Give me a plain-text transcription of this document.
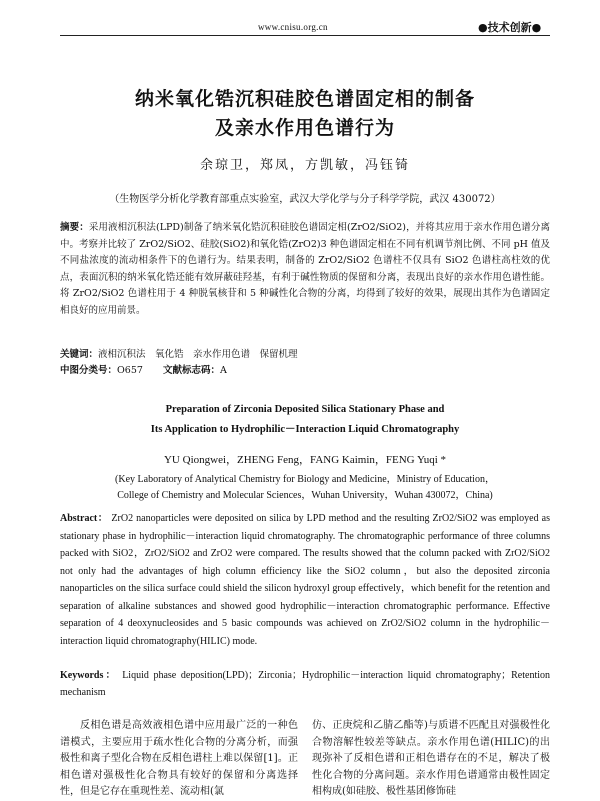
www.cnisu.org.cn	●技术创新●
纳米氧化锆沉积硅胶色谱固定相的制备
及亲水作用色谱行为
余琼卫，郑凤，方凯敏，冯钰锜
（生物医学分析化学教育部重点实验室，武汉大学化学与分子科学学院，武汉 430072）
摘要：采用液相沉积法(LPD)制备了纳米氧化锆沉积硅胶色谱固定相(ZrO2/SiO2)，并将其应用于亲水作用色谱分离中。考察并比较了 ZrO2/SiO2、硅胶(SiO2)和氧化锆(ZrO2)3 种色谱固定相在不同有机调节剂比例、不同 pH 值及不同盐浓度的流动相条件下的色谱行为。结果表明，制备的 ZrO2/SiO2 色谱柱不仅具有 SiO2 色谱柱高柱效的优点，表面沉积的纳米氧化锆还能有效屏蔽硅羟基，有利于碱性物质的保留和分离，表现出良好的亲水作用色谱性能。将 ZrO2/SiO2 色谱柱用于 4 种脱氧核苷和 5 种碱性化合物的分离，均得到了较好的效果，展现出其作为色谱固定相良好的应用前景。
关键词：液相沉积法　氧化锆　亲水作用色谱　保留机理
中图分类号：O657 文献标志码：A
Preparation of Zirconia Deposited Silica Stationary Phase and
Its Application to Hydrophilic－Interaction Liquid Chromatography
YU Qiongwei，ZHENG Feng，FANG Kaimin，FENG Yuqi *
(Key Laboratory of Analytical Chemistry for Biology and Medicine，Ministry of Education，
College of Chemistry and Molecular Sciences，Wuhan University，Wuhan 430072，China)
Abstract： ZrO2 nanoparticles were deposited on silica by LPD method and the resulting ZrO2/SiO2 was employed as stationary phase in hydrophilic－interaction liquid chromatography. The chromatographic performance of three columns packed with SiO2，ZrO2/SiO2 and ZrO2 were compared. The results showed that the column packed with ZrO2/SiO2 not only had the advantages of high column efficiency like the SiO2 column，but also the deposited zirconia nanoparticles on the silica surface could shield the silicon hydroxyl group effectively，which benefit for the retention and separation of alkaline substances and showed good hydrophilic－interaction chromatographic performance. Effective separation of 4 deoxynucleosides and 5 basic compounds was achieved on ZrO2/SiO2 column in the hydrophilic－interaction liquid chromatography(HILIC) mode.
Keywords： Liquid phase deposition(LPD)；Zirconia；Hydrophilic－interaction liquid chromatography；Retention mechanism

反相色谱是高效液相色谱中应用最广泛的一种色谱模式，主要应用于疏水性化合物的分离分析，而强极性和离子型化合物在反相色谱柱上难以保留[1]。正相色谱对强极性化合物具有较好的保留和分离选择性，但是它存在重现性差、流动相(氯

仿、正庚烷和乙腈乙酯等)与质谱不匹配且对强极性化合物溶解性较差等缺点。亲水作用色谱(HILIC)的出现弥补了反相色谱和正相色谱存在的不足，解决了极性化合物的分离问题。亲水作用色谱通常由极性固定相构成(如硅胶、极性基团修饰硅
